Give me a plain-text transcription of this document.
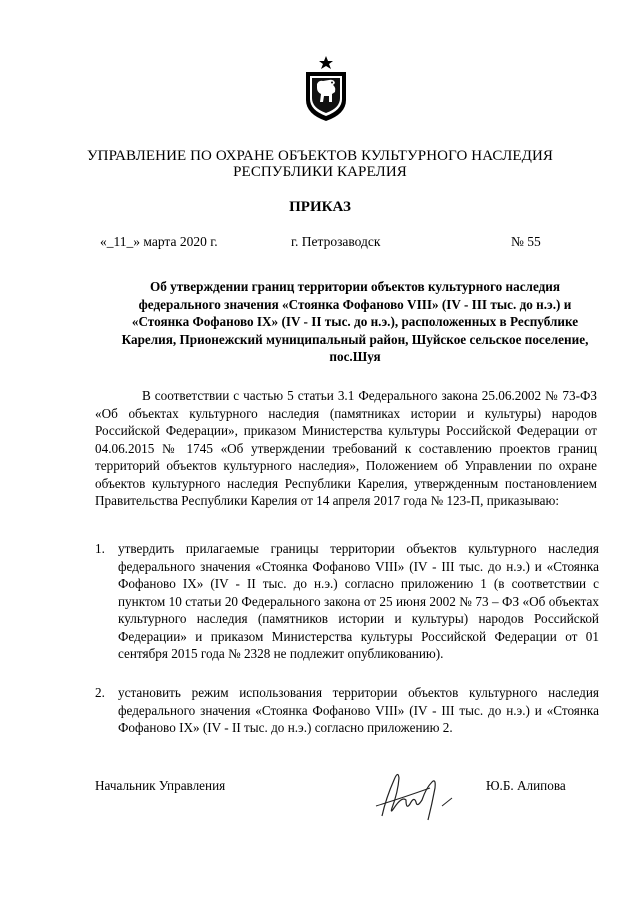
УПРАВЛЕНИЕ ПО ОХРАНЕ ОБЪЕКТОВ КУЛЬТУРНОГО НАСЛЕДИЯ
РЕСПУБЛИКИ КАРЕЛИЯ
ПРИКАЗ
«_11_» марта 2020 г.	г. Петрозаводск	№ 55
Об утверждении границ территории объектов культурного наследия федерального значения «Стоянка Фофаново VIII» (IV - III тыс. до н.э.) и «Стоянка Фофаново IX» (IV - II тыс. до н.э.), расположенных в Республике Карелия, Прионежский муниципальный район, Шуйское сельское поселение, пос.Шуя
В соответствии с частью 5 статьи 3.1 Федерального закона 25.06.2002 № 73-ФЗ «Об объектах культурного наследия (памятниках истории и культуры) народов Российской Федерации», приказом Министерства культуры Российской Федерации от 04.06.2015 № 1745 «Об утверждении требований к составлению проектов границ территорий объектов культурного наследия», Положением об Управлении по охране объектов культурного наследия Республики Карелия, утвержденным постановлением Правительства Республики Карелия от 14 апреля 2017 года № 123-П, приказываю:
1. утвердить прилагаемые границы территории объектов культурного наследия федерального значения «Стоянка Фофаново VIII» (IV - III тыс. до н.э.) и «Стоянка Фофаново IX» (IV - II тыс. до н.э.) согласно приложению 1 (в соответствии с пунктом 10 статьи 20 Федерального закона от 25 июня 2002 № 73 – ФЗ «Об объектах культурного наследия (памятников истории и культуры) народов Российской Федерации» и приказом Министерства культуры Российской Федерации от 01 сентября 2015 года № 2328 не подлежит опубликованию).
2. установить режим использования территории объектов культурного наследия федерального значения «Стоянка Фофаново VIII» (IV - III тыс. до н.э.) и «Стоянка Фофаново IX» (IV - II тыс. до н.э.) согласно приложению 2.
Начальник Управления	Ю.Б. Алипова
